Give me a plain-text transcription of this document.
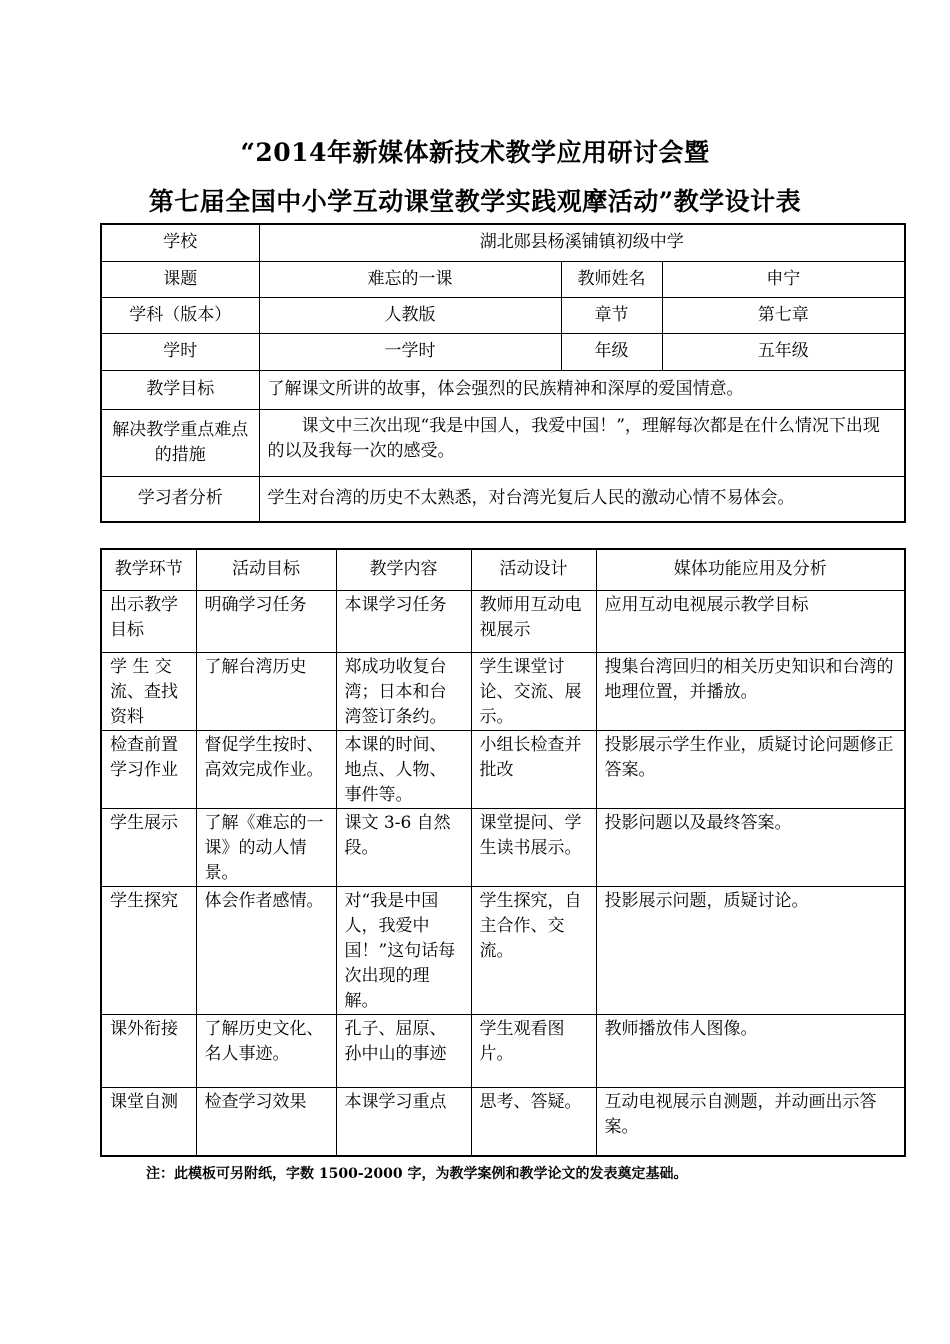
“2014年新媒体新技术教学应用研讨会暨
第七届全国中小学互动课堂教学实践观摩活动”教学设计表
学校	湖北郧县杨溪铺镇初级中学		
课题	难忘的一课	教师姓名	申宁
学科（版本）	人教版	章节	第七章
学时	一学时	年级	五年级
教学目标	了解课文所讲的故事，体会强烈的民族精神和深厚的爱国情意。		
解决教学重点难点的措施	课文中三次出现“我是中国人，我爱中国！”，理解每次都是在什么情况下出现的以及我每一次的感受。		
学习者分析	学生对台湾的历史不太熟悉，对台湾光复后人民的激动心情不易体会。		
教学环节	活动目标	教学内容	活动设计	媒体功能应用及分析
出示教学目标	明确学习任务	本课学习任务	教师用互动电视展示	应用互动电视展示教学目标
学 生 交流、查找资料	了解台湾历史	郑成功收复台湾；日本和台湾签订条约。	学生课堂讨论、交流、展示。	搜集台湾回归的相关历史知识和台湾的地理位置，并播放。
检查前置学习作业	督促学生按时、高效完成作业。	本课的时间、地点、人物、事件等。	小组长检查并批改	投影展示学生作业，质疑讨论问题修正答案。
学生展示	了解《难忘的一课》的动人情景。	课文 3-6 自然段。	课堂提问、学生读书展示。	投影问题以及最终答案。
学生探究	体会作者感情。	对“我是中国人，我爱中国！”这句话每次出现的理解。	学生探究，自主合作、交流。	投影展示问题，质疑讨论。
课外衔接	了解历史文化、名人事迹。	孔子、屈原、孙中山的事迹	学生观看图片。	教师播放伟人图像。
课堂自测	检查学习效果	本课学习重点	思考、答疑。	互动电视展示自测题，并动画出示答案。
注：此模板可另附纸，字数 1500-2000 字，为教学案例和教学论文的发表奠定基础。
